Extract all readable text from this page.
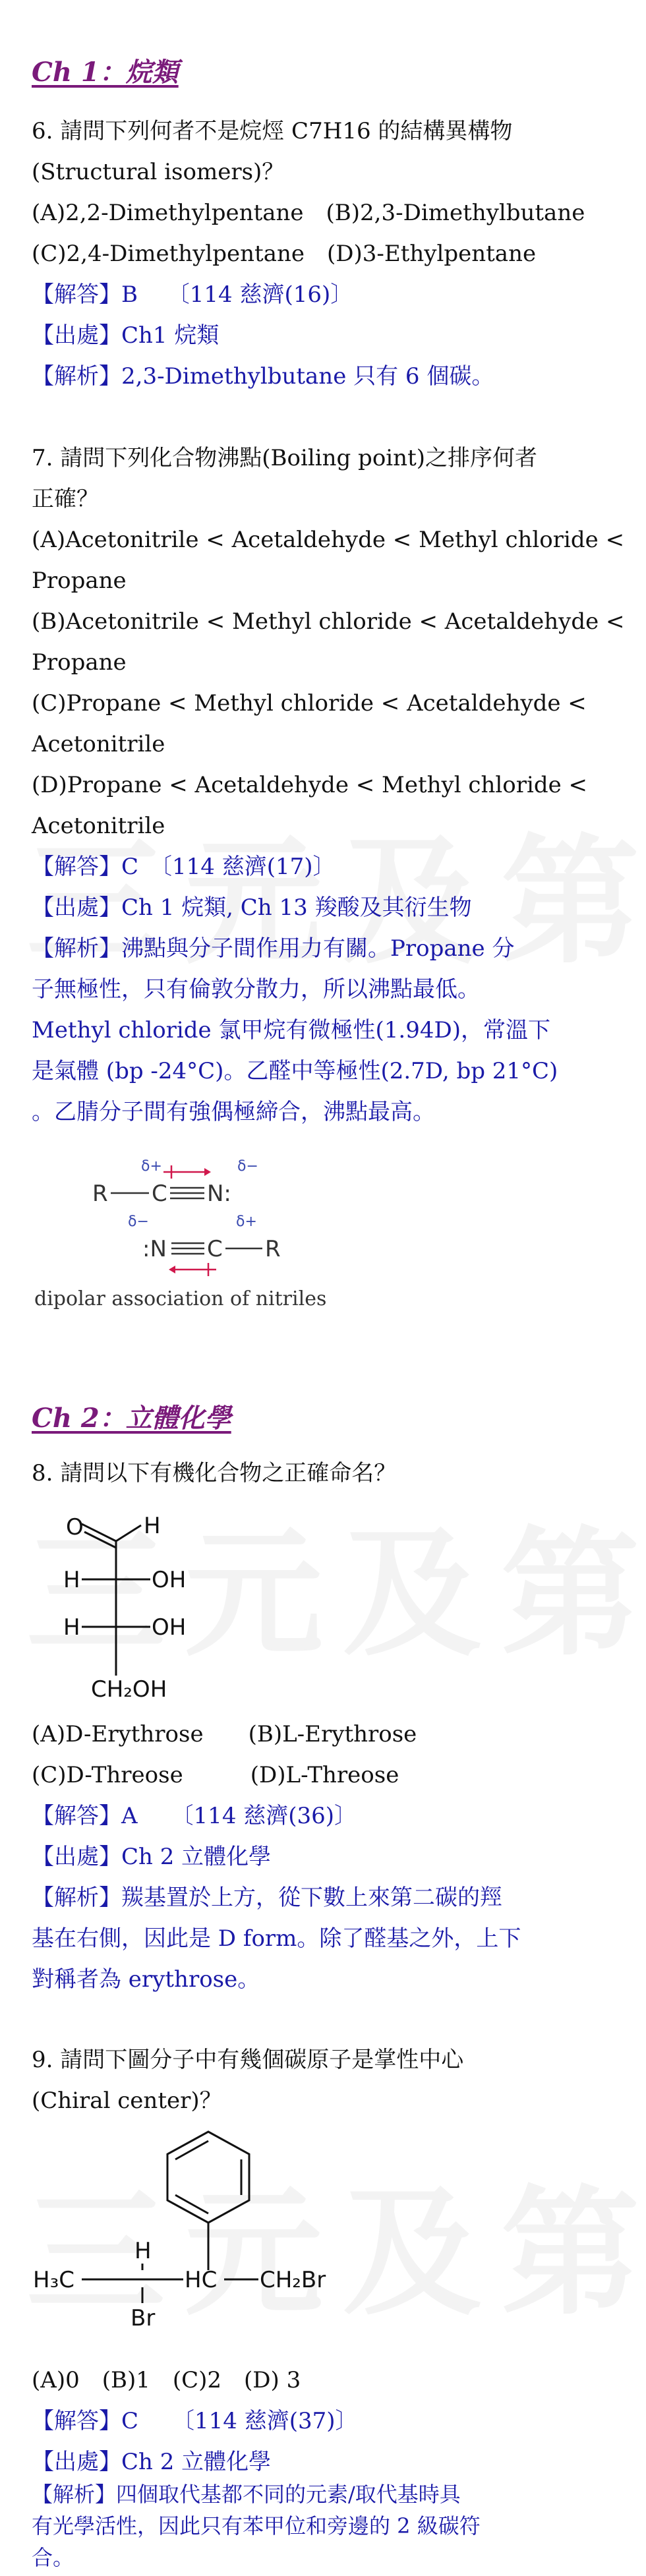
Ch 1：烷類

6. 請問下列何者不是烷烴 C7H16 的結構異構物

(Structural isomers)？

(A)2,2-Dimethylpentane　(B)2,3-Dimethylbutane

(C)2,4-Dimethylpentane　(D)3-Ethylpentane

【解答】B　 〔114 慈濟(16)〕

【出處】Ch1 烷類

【解析】2,3-Dimethylbutane 只有 6 個碳。

7. 請問下列化合物沸點(Boiling point)之排序何者

正確？

(A)Acetonitrile < Acetaldehyde < Methyl chloride <

Propane

(B)Acetonitrile < Methyl chloride < Acetaldehyde <

Propane

(C)Propane < Methyl chloride < Acetaldehyde <

Acetonitrile

(D)Propane < Acetaldehyde < Methyl chloride <

Acetonitrile

【解答】C　〔114 慈濟(17)〕

【出處】Ch 1 烷類, Ch 13 羧酸及其衍生物

【解析】沸點與分子間作用力有關。Propane 分

子無極性，只有倫敦分散力，所以沸點最低。

Methyl chloride 氯甲烷有微極性(1.94D)，常溫下

是氣體 (bp -24°C)。乙醛中等極性(2.7D, bp 21°C)

。乙腈分子間有強偶極締合，沸點最高。

R C N:
δ+	δ−
δ−	δ+
:N C R
dipolar association of nitriles
Ch 2：立體化學

8. 請問以下有機化合物之正確命名？

O	H
H	OH
H	OH
CH₂OH

(A)D-Erythrose　　(B)L-Erythrose

(C)D-Threose　　　(D)L-Threose

【解答】A　　〔114 慈濟(36)〕

【出處】Ch 2 立體化學

【解析】羰基置於上方，從下數上來第二碳的羥

基在右側，因此是 D form。除了醛基之外，上下

對稱者為 erythrose。

9. 請問下圖分子中有幾個碳原子是掌性中心

(Chiral center)？

H₃C
H
HC CH₂Br
Br

(A)0　(B)1　(C)2　(D) 3

【解答】C　　〔114 慈濟(37)〕

【出處】Ch 2 立體化學

【解析】四個取代基都不同的元素/取代基時具

有光學活性，因此只有苯甲位和旁邊的 2 級碳符

合。
